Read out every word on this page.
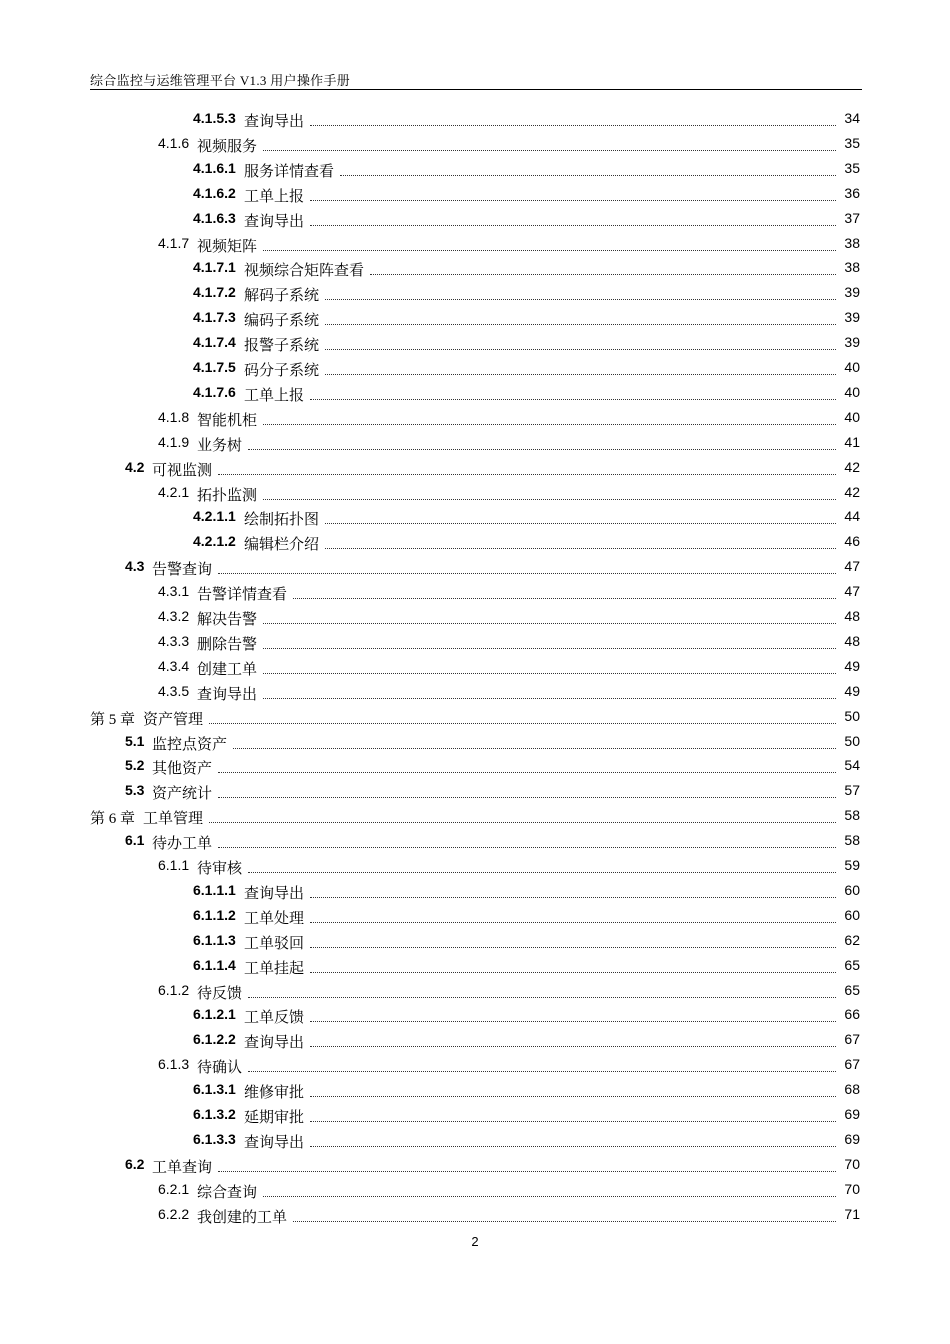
综合监控与运维管理平台 V1.3 用户操作手册
4.1.5.3 查询导出	34
4.1.6 视频服务	35
4.1.6.1 服务详情查看	35
4.1.6.2 工单上报	36
4.1.6.3 查询导出	37
4.1.7 视频矩阵	38
4.1.7.1 视频综合矩阵查看	38
4.1.7.2 解码子系统	39
4.1.7.3 编码子系统	39
4.1.7.4 报警子系统	39
4.1.7.5 码分子系统	40
4.1.7.6 工单上报	40
4.1.8 智能机柜	40
4.1.9 业务树	41
4.2 可视监测	42
4.2.1 拓扑监测	42
4.2.1.1 绘制拓扑图	44
4.2.1.2 编辑栏介绍	46
4.3 告警查询	47
4.3.1 告警详情查看	47
4.3.2 解决告警	48
4.3.3 删除告警	48
4.3.4 创建工单	49
4.3.5 查询导出	49
第 5 章 资产管理	50
5.1 监控点资产	50
5.2 其他资产	54
5.3 资产统计	57
第 6 章 工单管理	58
6.1 待办工单	58
6.1.1 待审核	59
6.1.1.1 查询导出	60
6.1.1.2 工单处理	60
6.1.1.3 工单驳回	62
6.1.1.4 工单挂起	65
6.1.2 待反馈	65
6.1.2.1 工单反馈	66
6.1.2.2 查询导出	67
6.1.3 待确认	67
6.1.3.1 维修审批	68
6.1.3.2 延期审批	69
6.1.3.3 查询导出	69
6.2 工单查询	70
6.2.1 综合查询	70
6.2.2 我创建的工单	71
2
